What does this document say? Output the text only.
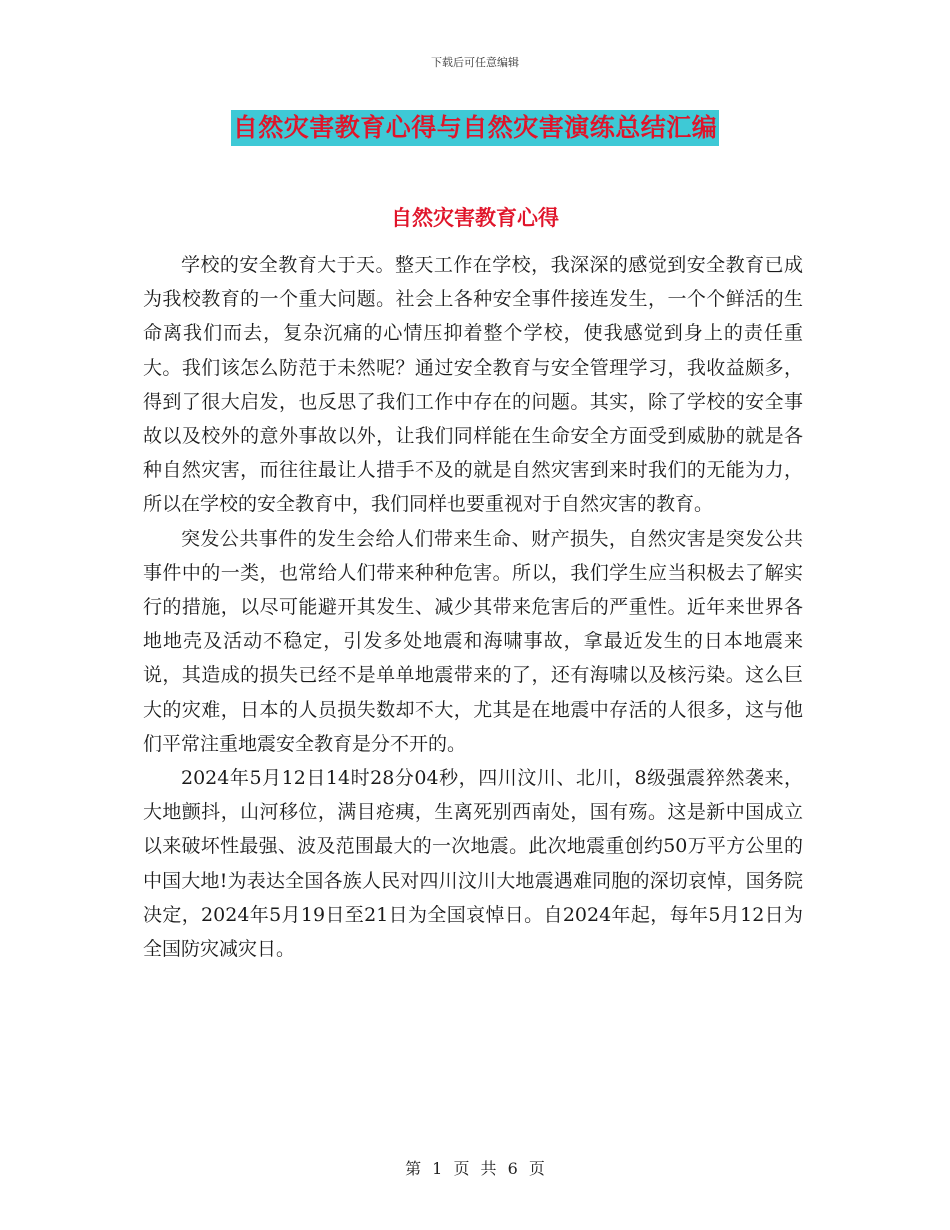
下载后可任意编辑
自然灾害教育心得与自然灾害演练总结汇编
自然灾害教育心得

学校的安全教育大于天。整天工作在学校，我深深的感觉到安全教育已成为我校教育的一个重大问题。社会上各种安全事件接连发生，一个个鲜活的生命离我们而去，复杂沉痛的心情压抑着整个学校，使我感觉到身上的责任重大。我们该怎么防范于未然呢？通过安全教育与安全管理学习，我收益颇多，得到了很大启发，也反思了我们工作中存在的问题。其实，除了学校的安全事故以及校外的意外事故以外，让我们同样能在生命安全方面受到威胁的就是各种自然灾害，而往往最让人措手不及的就是自然灾害到来时我们的无能为力，所以在学校的安全教育中，我们同样也要重视对于自然灾害的教育。

突发公共事件的发生会给人们带来生命、财产损失，自然灾害是突发公共事件中的一类，也常给人们带来种种危害。所以，我们学生应当积极去了解实行的措施，以尽可能避开其发生、减少其带来危害后的严重性。近年来世界各地地壳及活动不稳定，引发多处地震和海啸事故，拿最近发生的日本地震来说，其造成的损失已经不是单单地震带来的了，还有海啸以及核污染。这么巨大的灾难，日本的人员损失数却不大，尤其是在地震中存活的人很多，这与他们平常注重地震安全教育是分不开的。

2024年5月12日14时28分04秒，四川汶川、北川，8级强震猝然袭来，大地颤抖，山河移位，满目疮痍，生离死别西南处，国有殇。这是新中国成立以来破坏性最强、波及范围最大的一次地震。此次地震重创约50万平方公里的中国大地!为表达全国各族人民对四川汶川大地震遇难同胞的深切哀悼，国务院决定，2024年5月19日至21日为全国哀悼日。自2024年起，每年5月12日为全国防灾减灾日。

第 1 页 共 6 页
